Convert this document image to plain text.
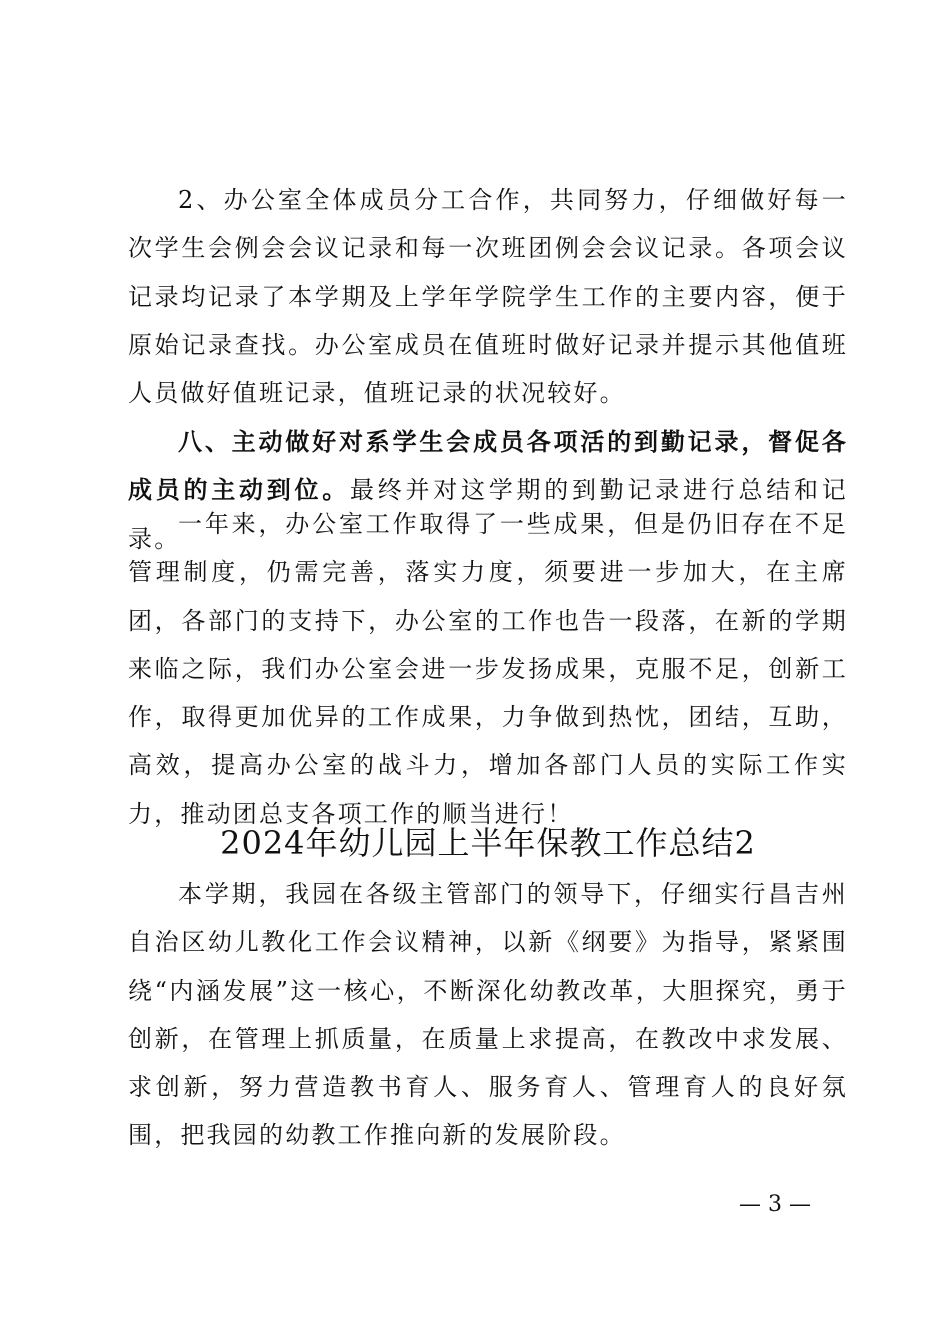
2、办公室全体成员分工合作，共同努力，仔细做好每一次学生会例会会议记录和每一次班团例会会议记录。各项会议记录均记录了本学期及上学年学院学生工作的主要内容，便于原始记录查找。办公室成员在值班时做好记录并提示其他值班人员做好值班记录，值班记录的状况较好。

八、主动做好对系学生会成员各项活的到勤记录，督促各成员的主动到位。最终并对这学期的到勤记录进行总结和记录。

一年来，办公室工作取得了一些成果，但是仍旧存在不足管理制度，仍需完善，落实力度，须要进一步加大，在主席团，各部门的支持下，办公室的工作也告一段落，在新的学期来临之际，我们办公室会进一步发扬成果，克服不足，创新工作，取得更加优异的工作成果，力争做到热忱，团结，互助，高效，提高办公室的战斗力，增加各部门人员的实际工作实力，推动团总支各项工作的顺当进行！

2024年幼儿园上半年保教工作总结2

本学期，我园在各级主管部门的领导下，仔细实行昌吉州自治区幼儿教化工作会议精神，以新《纲要》为指导，紧紧围绕“内涵发展”这一核心，不断深化幼教改革，大胆探究，勇于创新，在管理上抓质量，在质量上求提高，在教改中求发展、求创新，努力营造教书育人、服务育人、管理育人的良好氛围，把我园的幼教工作推向新的发展阶段。

— 3 —
